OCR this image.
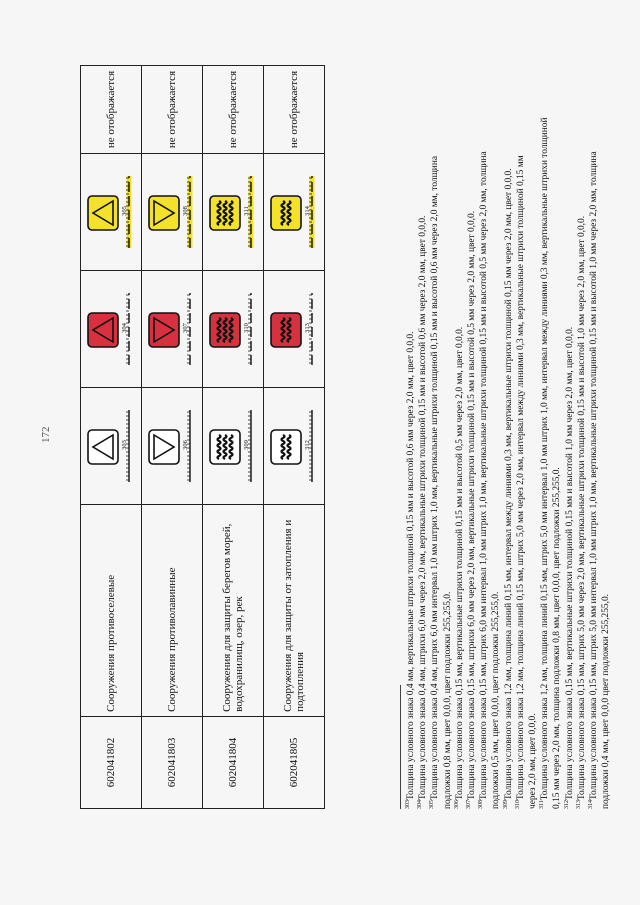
172
602041802	Сооружения противоселевые	303	304	305	не отображается
602041803	Сооружения противолавинные	306	307	308	не отображается
602041804	Сооружения для защиты берегов морей, водохранилищ, озер, рек	309	310	311	не отображается
602041805	Сооружения для защиты от затопления и подтопления	312	313	314	не отображается

$^{303}$Толщина условного знака 0,4 мм, вертикальные штрихи толщиной 0,15 мм и высотой 0,6 мм через 2,0 мм, цвет 0,0,0.

$^{304}$Толщина условного знака 0,4 мм, штрихи 6,0 мм через 2,0 мм, вертикальные штрихи толщиной 0,15 мм и высотой 0,6 мм через 2,0 мм, цвет 0,0,0.

$^{305}$Толщина условного знака 0,4 мм, штрих 6,0 мм интервал 1,0 мм штрих 1,0 мм, вертикальные штрихи толщиной 0,15 мм и высотой 0,6 мм через 2,0 мм, толщина подложки 0,8 мм, цвет 0,0,0, цвет подложки 255,255,0. $^{306}$Толщина условного знака 0,15 мм, вертикальные штрихи толщиной 0,15 мм и высотой 0,5 мм через 2,0 мм, цвет 0,0,0.

$^{307}$Толщина условного знака 0,15 мм, штрихи 6,0 мм через 2,0 мм, вертикальные штрихи толщиной 0,15 мм и высотой 0,5 мм через 2,0 мм, цвет 0,0,0.

$^{308}$Толщина условного знака 0,15 мм, штрих 6,0 мм интервал 1,0 мм штрих 1,0 мм, вертикальные штрихи толщиной 0,15 мм и высотой 0,5 мм через 2,0 мм, толщина подложки 0,5 мм, цвет 0,0,0, цвет подложки 255,255,0. $^{309}$Толщина условного знака 1,2 мм, толщина линий 0,15 мм, интервал между линиями 0,3 мм, вертикальные штрихи толщиной 0,15 мм через 2,0 мм, цвет 0,0,0.

$^{310}$Толщина условного знака 1,2 мм, толщина линий 0,15 мм, штрих 5,0 мм через 2,0 мм, интервал между линиями 0,3 мм, вертикальные штрихи толщиной 0,15 мм через 2,0 мм, цвет 0,0,0. $^{311}$Толщина условного знака 1,2 мм, толщина линий 0,15 мм, штрих 5,0 мм интервал 1,0 мм штрих 1,0 мм, интервал между линиями 0,3 мм, вертикальные штрихи толщиной 0,15 мм через 2,0 мм, толщина подложки 0,8 мм, цвет 0,0,0, цвет подложки 255,255,0. $^{312}$Толщина условного знака 0,15 мм, вертикальные штрихи толщиной 0,15 мм и высотой 1,0 мм через 2,0 мм, цвет 0,0,0.

$^{313}$Толщина условного знака 0,15 мм, штрих 5,0 мм через 2,0 мм, вертикальные штрихи толщиной 0,15 мм и высотой 1,0 мм через 2,0 мм, цвет 0,0,0.

$^{314}$Толщина условного знака 0,15 мм, штрих 5,0 мм интервал 1,0 мм штрих 1,0 мм, вертикальные штрихи толщиной 0,15 мм и высотой 1,0 мм через 2,0 мм, толщина подложки 0,4 мм, цвет 0,0,0 цвет подложки 255,255,0.
